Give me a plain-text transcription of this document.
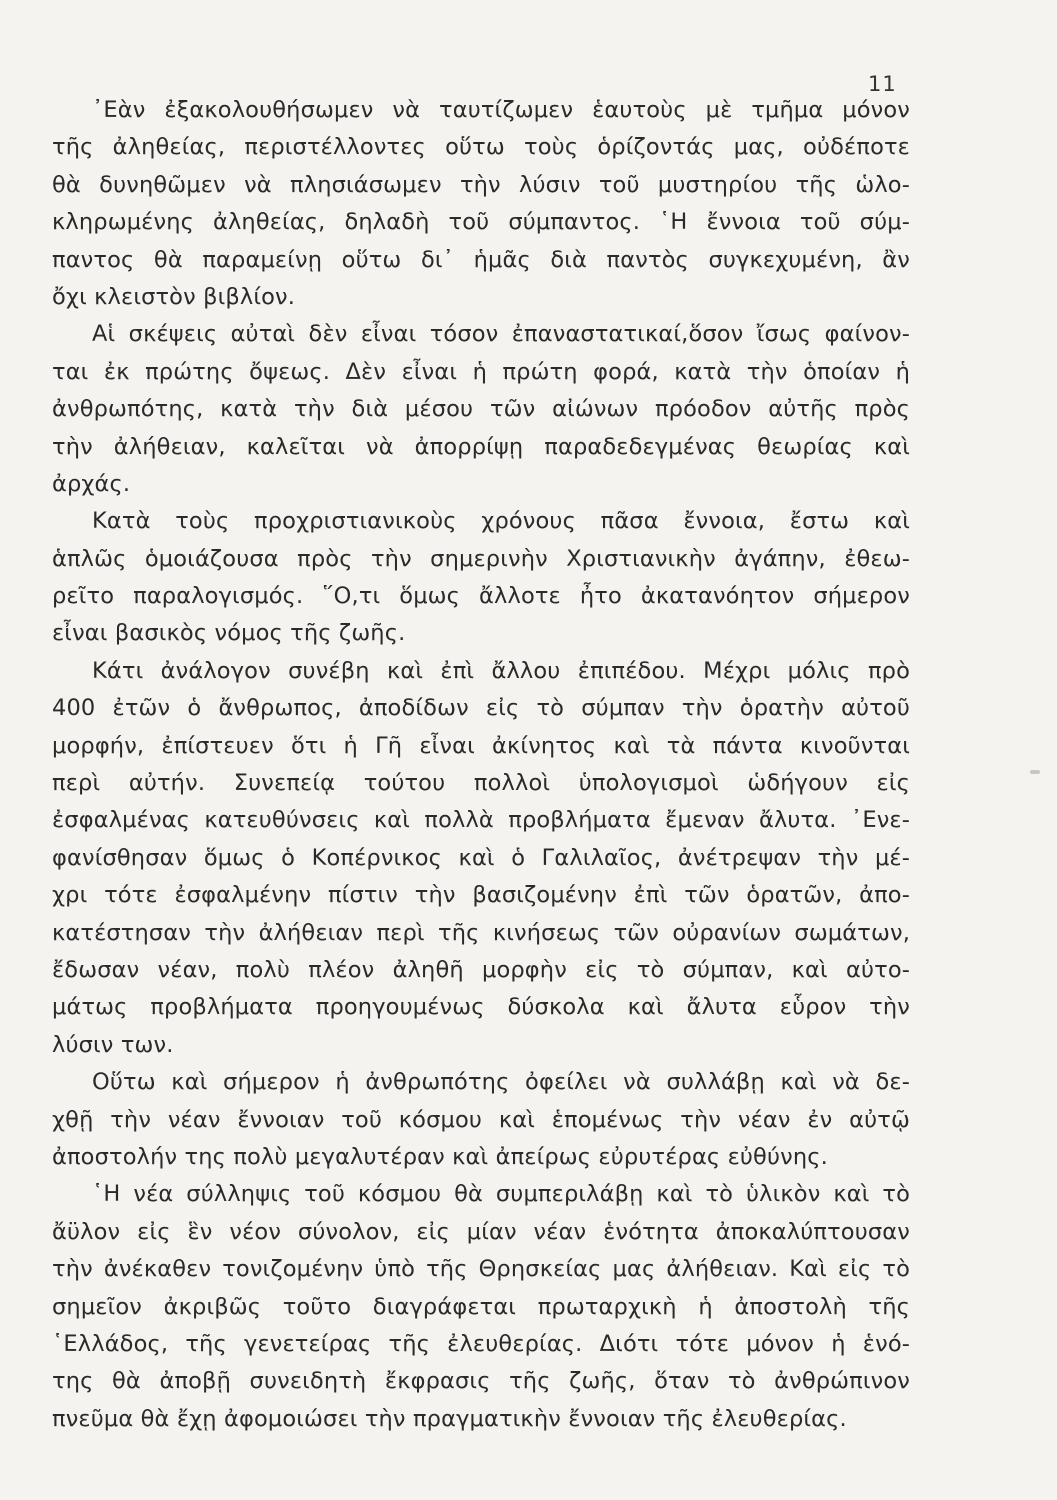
11
᾿Εὰν ἐξακολουθήσωμεν νὰ ταυτίζωμεν ἑαυτοὺς μὲ τμῆμα μόνον
τῆς ἀληθείας, περιστέλλοντες οὕτω τοὺς ὁρίζοντάς μας, οὐδέποτε
θὰ δυνηθῶμεν νὰ πλησιάσωμεν τὴν λύσιν τοῦ μυστηρίου τῆς ὡλο-
κληρωμένης ἀληθείας, δηλαδὴ τοῦ σύμπαντος. ῾Η ἔννοια τοῦ σύμ-
παντος θὰ παραμείνῃ οὕτω δι᾿ ἡμᾶς διὰ παντὸς συγκεχυμένη, ἂν
ὄχι κλειστὸν βιβλίον.
Αἱ σκέψεις αὐταὶ δὲν εἶναι τόσον ἐπαναστατικαί,ὅσον ἴσως φαίνον-
ται ἐκ πρώτης ὄψεως. Δὲν εἶναι ἡ πρώτη φορά, κατὰ τὴν ὁποίαν ἡ
ἀνθρωπότης, κατὰ τὴν διὰ μέσου τῶν αἰώνων πρόοδον αὐτῆς πρὸς
τὴν ἀλήθειαν, καλεῖται νὰ ἀπορρίψῃ παραδεδεγμένας θεωρίας καὶ
ἀρχάς.
Κατὰ τοὺς προχριστιανικοὺς χρόνους πᾶσα ἔννοια, ἔστω καὶ
ἁπλῶς ὁμοιάζουσα πρὸς τὴν σημερινὴν Χριστιανικὴν ἀγάπην, ἐθεω-
ρεῖτο παραλογισμός. ῞Ο,τι ὅμως ἄλλοτε ἦτο ἀκατανόητον σήμερον
εἶναι βασικὸς νόμος τῆς ζωῆς.
Κάτι ἀνάλογον συνέβη καὶ ἐπὶ ἄλλου ἐπιπέδου. Μέχρι μόλις πρὸ
400 ἐτῶν ὁ ἄνθρωπος, ἀποδίδων εἰς τὸ σύμπαν τὴν ὁρατὴν αὐτοῦ
μορφήν, ἐπίστευεν ὅτι ἡ Γῆ εἶναι ἀκίνητος καὶ τὰ πάντα κινοῦνται
περὶ αὐτήν. Συνεπείᾳ τούτου πολλοὶ ὑπολογισμοὶ ὡδήγουν εἰς
ἐσφαλμένας κατευθύνσεις καὶ πολλὰ προβλήματα ἔμεναν ἄλυτα. ᾿Ενε-
φανίσθησαν ὅμως ὁ Κοπέρνικος καὶ ὁ Γαλιλαῖος, ἀνέτρεψαν τὴν μέ-
χρι τότε ἐσφαλμένην πίστιν τὴν βασιζομένην ἐπὶ τῶν ὁρατῶν, ἀπο-
κατέστησαν τὴν ἀλήθειαν περὶ τῆς κινήσεως τῶν οὐρανίων σωμάτων,
ἔδωσαν νέαν, πολὺ πλέον ἀληθῆ μορφὴν εἰς τὸ σύμπαν, καὶ αὐτο-
μάτως προβλήματα προηγουμένως δύσκολα καὶ ἄλυτα εὗρον τὴν
λύσιν των.
Οὕτω καὶ σήμερον ἡ ἀνθρωπότης ὀφείλει νὰ συλλάβῃ καὶ νὰ δε-
χθῇ τὴν νέαν ἔννοιαν τοῦ κόσμου καὶ ἑπομένως τὴν νέαν ἐν αὐτῷ
ἀποστολήν της πολὺ μεγαλυτέραν καὶ ἀπείρως εὐρυτέρας εὐθύνης.
῾Η νέα σύλληψις τοῦ κόσμου θὰ συμπεριλάβῃ καὶ τὸ ὑλικὸν καὶ τὸ
ἄϋλον εἰς ἓν νέον σύνολον, εἰς μίαν νέαν ἑνότητα ἀποκαλύπτουσαν
τὴν ἀνέκαθεν τονιζομένην ὑπὸ τῆς Θρησκείας μας ἀλήθειαν. Καὶ εἰς τὸ
σημεῖον ἀκριβῶς τοῦτο διαγράφεται πρωταρχικὴ ἡ ἀποστολὴ τῆς
῾Ελλάδος, τῆς γενετείρας τῆς ἐλευθερίας. Διότι τότε μόνον ἡ ἑνό-
της θὰ ἀποβῇ συνειδητὴ ἔκφρασις τῆς ζωῆς, ὅταν τὸ ἀνθρώπινον
πνεῦμα θὰ ἔχῃ ἀφομοιώσει τὴν πραγματικὴν ἔννοιαν τῆς ἐλευθερίας.
